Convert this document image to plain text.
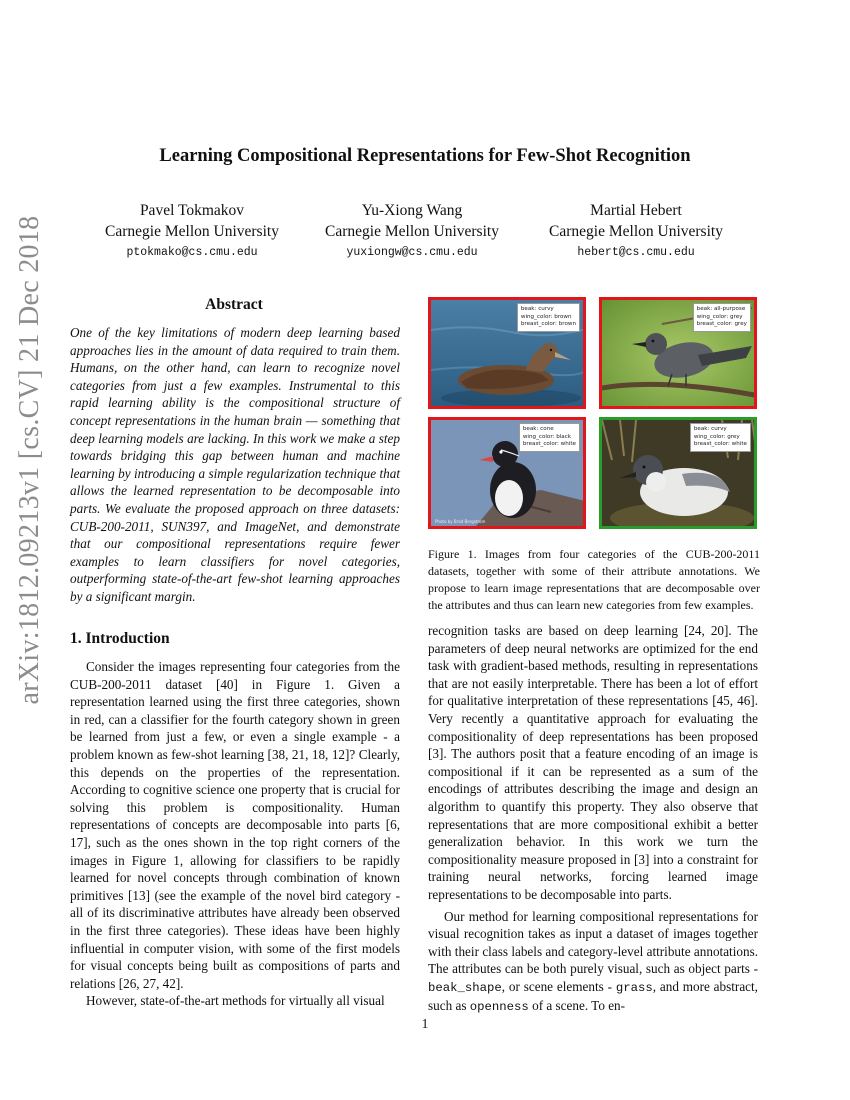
arXiv:1812.09213v1 [cs.CV] 21 Dec 2018
Learning Compositional Representations for Few-Shot Recognition
Pavel Tokmakov
Carnegie Mellon University
ptokmako@cs.cmu.edu
Yu-Xiong Wang
Carnegie Mellon University
yuxiongw@cs.cmu.edu
Martial Hebert
Carnegie Mellon University
hebert@cs.cmu.edu
Abstract
One of the key limitations of modern deep learning based approaches lies in the amount of data required to train them. Humans, on the other hand, can learn to recognize novel categories from just a few examples. Instrumental to this rapid learning ability is the compositional structure of concept representations in the human brain — something that deep learning models are lacking. In this work we make a step towards bridging this gap between human and machine learning by introducing a simple regularization technique that allows the learned representation to be decomposable into parts. We evaluate the proposed approach on three datasets: CUB-200-2011, SUN397, and ImageNet, and demonstrate that our compositional representations require fewer examples to learn classifiers for novel categories, outperforming state-of-the-art few-shot learning approaches by a significant margin.
beak: curvy
wing_color: brown
breast_color: brown
beak: all-purpose
wing_color: grey
breast_color: grey
beak: cone
wing_color: black
breast_color: white
Photo by Brad Bergstrom
beak: curvy
wing_color: grey
breast_color: white
Figure 1. Images from four categories of the CUB-200-2011 datasets, together with some of their attribute annotations. We propose to learn image representations that are decomposable over the attributes and thus can learn new categories from few examples.
1. Introduction
Consider the images representing four categories from the CUB-200-2011 dataset [40] in Figure 1. Given a representation learned using the first three categories, shown in red, can a classifier for the fourth category shown in green be learned from just a few, or even a single example - a problem known as few-shot learning [38, 21, 18, 12]? Clearly, this depends on the properties of the representation. According to cognitive science one property that is crucial for solving this problem is compositionality. Human representations of concepts are decomposable into parts [6, 17], such as the ones shown in the top right corners of the images in Figure 1, allowing for classifiers to be rapidly learned for novel concepts through combination of known primitives [13] (see the example of the novel bird category - all of its discriminative attributes have already been observed in the first three categories). These ideas have been highly influential in computer vision, with some of the first models for visual concepts being built as compositions of parts and relations [26, 27, 42].
However, state-of-the-art methods for virtually all visual
recognition tasks are based on deep learning [24, 20]. The parameters of deep neural networks are optimized for the end task with gradient-based methods, resulting in representations that are not easily interpretable. There has been a lot of effort for qualitative interpretation of these representations [45, 46]. Very recently a quantitative approach for evaluating the compositionality of deep representations has been proposed [3]. The authors posit that a feature encoding of an image is compositional if it can be represented as a sum of the encodings of attributes describing the image and design an algorithm to quantify this property. They also observe that representations that are more compositional exhibit a better generalization behavior. In this work we turn the compositionality measure proposed in [3] into a constraint for training neural networks, forcing learned image representations to be decomposable into parts.
Our method for learning compositional representations for visual recognition takes as input a dataset of images together with their class labels and category-level attribute annotations. The attributes can be both purely visual, such as object parts - beak_shape, or scene elements - grass, and more abstract, such as openness of a scene. To en-
1
